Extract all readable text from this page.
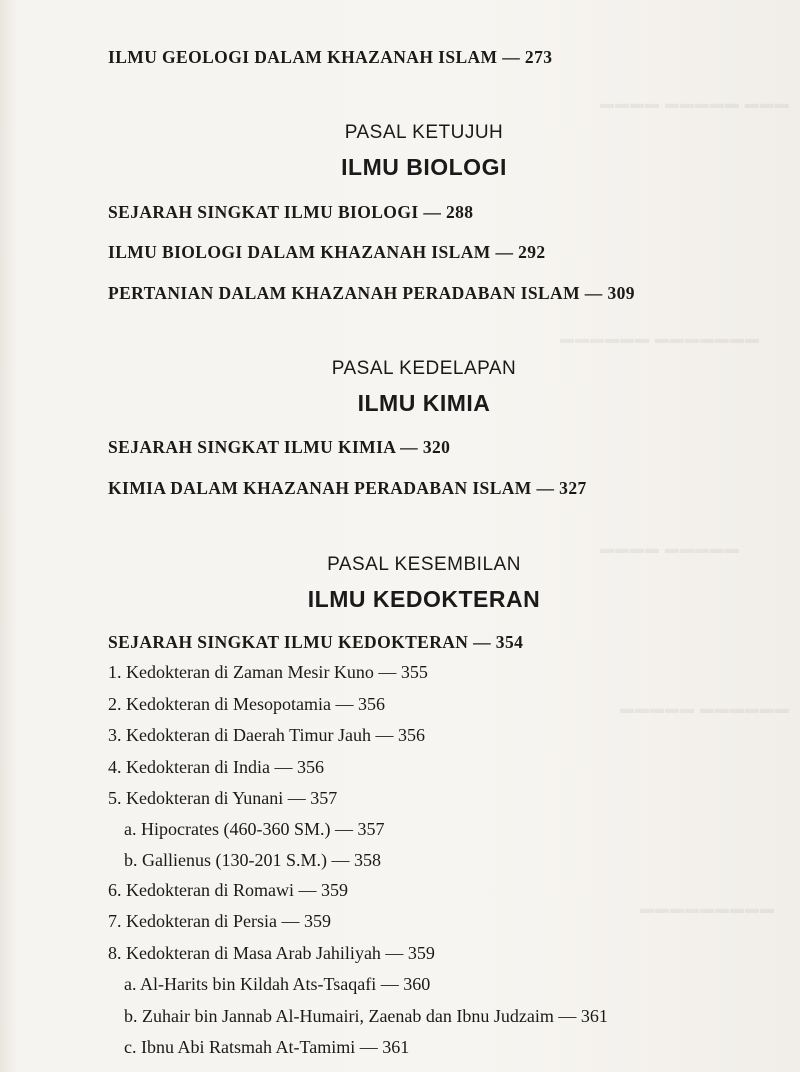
▬▬▬▬ ▬▬▬▬▬ ▬▬▬
▬▬▬▬▬▬ ▬▬▬▬▬▬▬
▬▬▬▬ ▬▬▬▬▬
▬▬▬▬▬ ▬▬▬▬▬▬
▬▬▬▬▬▬▬▬▬
ILMU GEOLOGI DALAM KHAZANAH ISLAM — 273
PASAL KETUJUH
ILMU BIOLOGI
SEJARAH SINGKAT ILMU BIOLOGI — 288
ILMU BIOLOGI DALAM KHAZANAH ISLAM — 292
PERTANIAN DALAM KHAZANAH PERADABAN ISLAM — 309
PASAL KEDELAPAN
ILMU KIMIA
SEJARAH SINGKAT ILMU KIMIA — 320
KIMIA DALAM KHAZANAH PERADABAN ISLAM — 327
PASAL KESEMBILAN
ILMU KEDOKTERAN
SEJARAH SINGKAT ILMU KEDOKTERAN — 354
1. Kedokteran di Zaman Mesir Kuno — 355
2. Kedokteran di Mesopotamia — 356
3. Kedokteran di Daerah Timur Jauh — 356
4. Kedokteran di India — 356
5. Kedokteran di Yunani — 357
a. Hipocrates (460-360 SM.) — 357
b. Gallienus (130-201 S.M.) — 358
6. Kedokteran di Romawi — 359
7. Kedokteran di Persia — 359
8. Kedokteran di Masa Arab Jahiliyah — 359
a. Al-Harits bin Kildah Ats-Tsaqafi — 360
b. Zuhair bin Jannab Al-Humairi, Zaenab dan Ibnu Judzaim — 361
c. Ibnu Abi Ratsmah At-Tamimi — 361
